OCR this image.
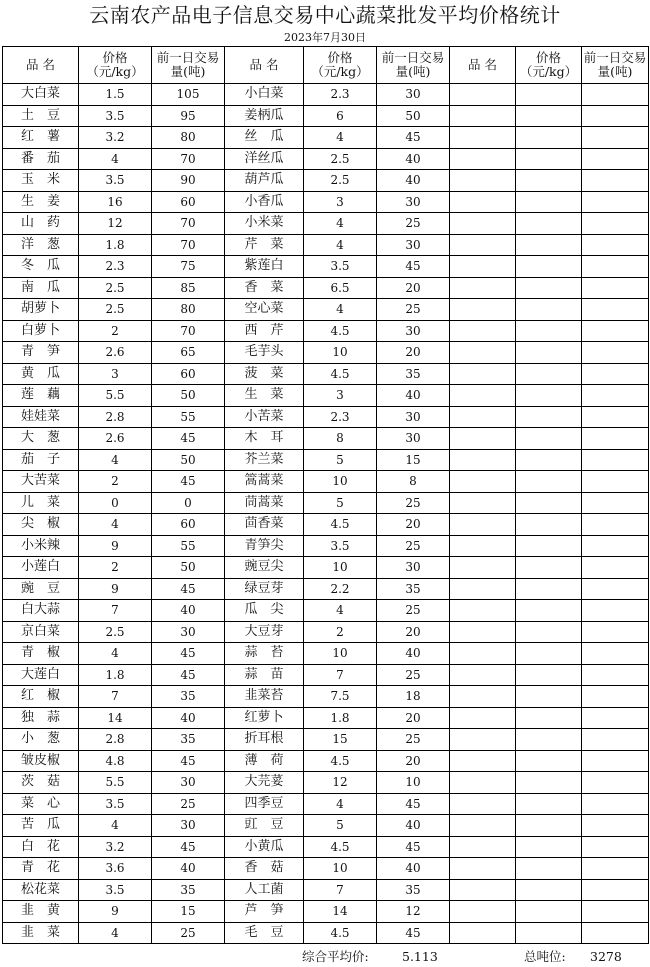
云南农产品电子信息交易中心蔬菜批发平均价格统计
2023年7月30日
品 名	价格（元/kg）	前一日交易量(吨)	品 名	价格（元/kg）	前一日交易量(吨)	品 名	价格（元/kg）	前一日交易量(吨)
大白菜	1.5	105	小白菜	2.3	30			
土　豆	3.5	95	姜柄瓜	6	50			
红　薯	3.2	80	丝　瓜	4	45			
番　茄	4	70	洋丝瓜	2.5	40			
玉　米	3.5	90	葫芦瓜	2.5	40			
生　姜	16	60	小香瓜	3	30			
山　药	12	70	小米菜	4	25			
洋　葱	1.8	70	芹　菜	4	30			
冬　瓜	2.3	75	紫莲白	3.5	45			
南　瓜	2.5	85	香　菜	6.5	20			
胡萝卜	2.5	80	空心菜	4	25			
白萝卜	2	70	西　芹	4.5	30			
青　笋	2.6	65	毛芋头	10	20			
黄　瓜	3	60	菠　菜	4.5	35			
莲　藕	5.5	50	生　菜	3	40			
娃娃菜	2.8	55	小苦菜	2.3	30			
大　葱	2.6	45	木　耳	8	30			
茄　子	4	50	芥兰菜	5	15			
大苦菜	2	45	篙蒿菜	10	8			
儿　菜	0	0	茼蒿菜	5	25			
尖　椒	4	60	茴香菜	4.5	20			
小米辣	9	55	青笋尖	3.5	25			
小莲白	2	50	豌豆尖	10	30			
豌　豆	9	45	绿豆芽	2.2	35			
白大蒜	7	40	瓜　尖	4	25			
京白菜	2.5	30	大豆芽	2	20			
青　椒	4	45	蒜　苔	10	40			
大莲白	1.8	45	蒜　苗	7	25			
红　椒	7	35	韭菜苔	7.5	18			
独　蒜	14	40	红萝卜	1.8	20			
小　葱	2.8	35	折耳根	15	25			
皱皮椒	4.8	45	薄　荷	4.5	20			
茨　菇	5.5	30	大芫荽	12	10			
菜　心	3.5	25	四季豆	4	45			
苦　瓜	4	30	豇　豆	5	40			
白　花	3.2	45	小黄瓜	4.5	45			
青　花	3.6	40	香　菇	10	40			
松花菜	3.5	35	人工菌	7	35			
韭　黄	9	15	芦　笋	14	12			
韭　菜	4	25	毛　豆	4.5	45			
综合平均价:	5.113	总吨位: 3278
